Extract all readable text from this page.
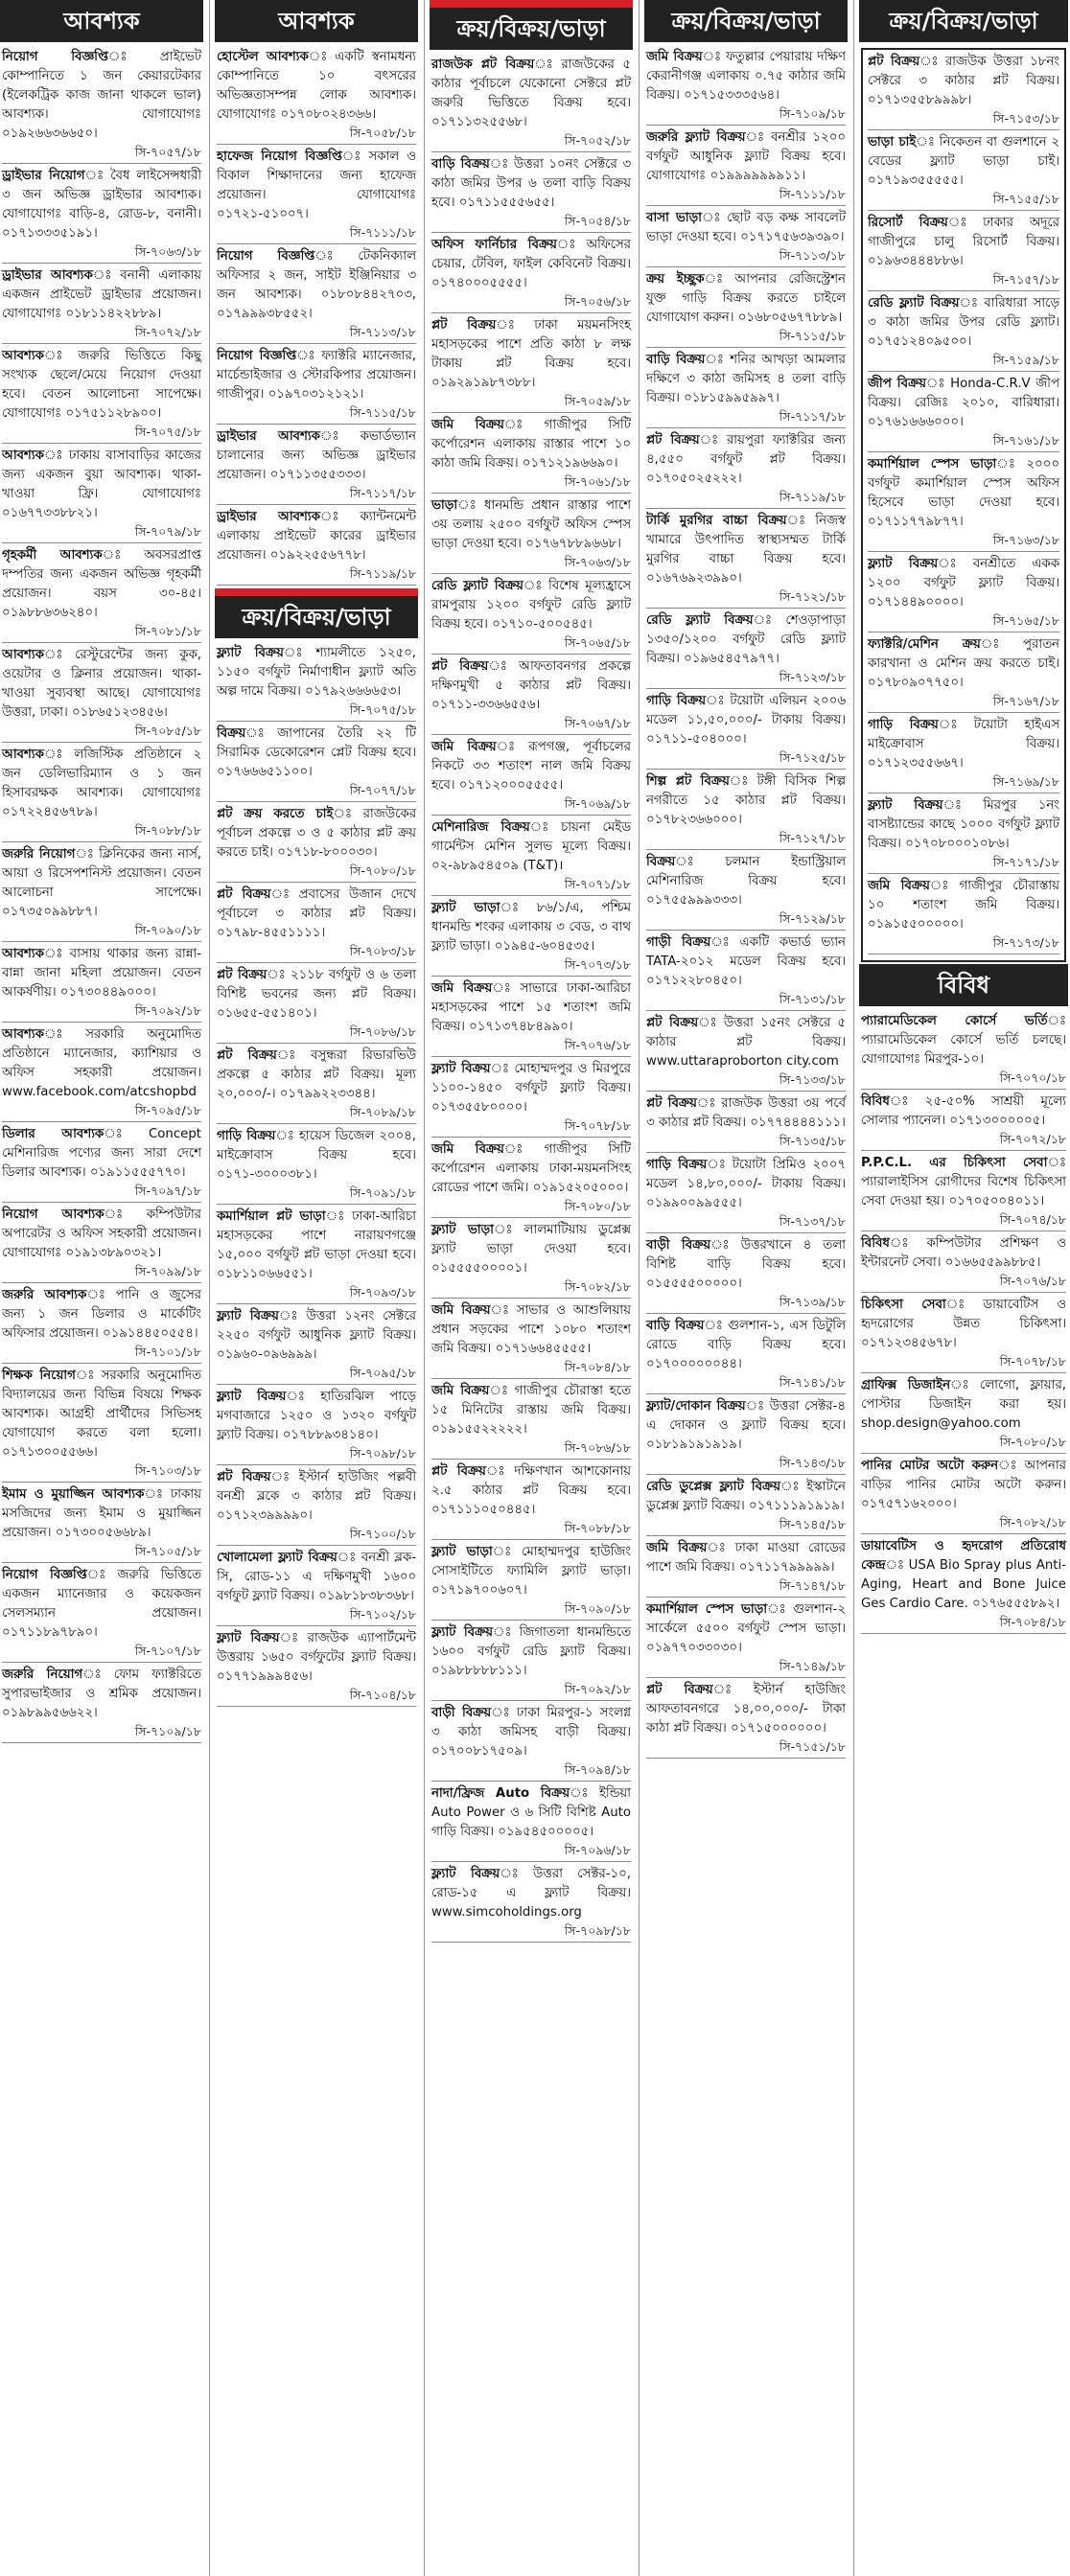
আবশ্যক
নিয়োগ বিজ্ঞপ্তিঃ প্রাইভেট কোম্পানিতে ১ জন কেয়ারটেকার (ইলেকট্রিক কাজ জানা থাকলে ভাল) আবশ্যক। যোগাযোগঃ ০১৯২৬৬৩৬৬৫০।
সি-৭০৫৭/১৮
ড্রাইভার নিয়োগঃ বৈধ লাইসেন্সধারী ৩ জন অভিজ্ঞ ড্রাইভার আবশ্যক। যোগাযোগঃ বাড়ি-৪, রোড-৮, বনানী। ০১৭১৩৩৩৫১৯১।
সি-৭০৬৩/১৮
ড্রাইভার আবশ্যকঃ বনানী এলাকায় একজন প্রাইভেট ড্রাইভার প্রয়োজন। যোগাযোগঃ ০১৮১১৪২২৮৮৯।
সি-৭০৭২/১৮
আবশ্যকঃ জরুরি ভিত্তিতে কিছু সংখ্যক ছেলে/মেয়ে নিয়োগ দেওয়া হবে। বেতন আলোচনা সাপেক্ষে। যোগাযোগঃ ০১৭৫১১২৮৯০০।
সি-৭০৭৫/১৮
আবশ্যকঃ ঢাকায় বাসাবাড়ির কাজের জন্য একজন বুয়া আবশ্যক। থাকা-খাওয়া ফ্রি। যোগাযোগঃ ০১৬৭৭৩৩৮৮২১।
সি-৭০৭৯/১৮
গৃহকর্মী আবশ্যকঃ অবসরপ্রাপ্ত দম্পতির জন্য একজন অভিজ্ঞ গৃহকর্মী প্রয়োজন। বয়স ৩০-৪৫। ০১৯৮৮৬৩৬২৪০।
সি-৭০৮১/১৮
আবশ্যকঃ রেস্টুরেন্টের জন্য কুক, ওয়েটার ও ক্লিনার প্রয়োজন। থাকা-খাওয়া সুব্যবস্থা আছে। যোগাযোগঃ উত্তরা, ঢাকা। ০১৮৬৫১২৩৪৫৬।
সি-৭০৮৫/১৮
আবশ্যকঃ লজিস্টিক প্রতিষ্ঠানে ২ জন ডেলিভারিম্যান ও ১ জন হিসাবরক্ষক আবশ্যক। যোগাযোগঃ ০১৭২২৪৫৬৭৮৯।
সি-৭০৮৮/১৮
জরুরি নিয়োগঃ ক্লিনিকের জন্য নার্স, আয়া ও রিসেপশনিস্ট প্রয়োজন। বেতন আলোচনা সাপেক্ষে। ০১৭৩৫০৯৯৮৮৭।
সি-৭০৯০/১৮
আবশ্যকঃ বাসায় থাকার জন্য রান্না-বান্না জানা মহিলা প্রয়োজন। বেতন আকর্ষণীয়। ০১৭৩০৪৪৯০০০।
সি-৭০৯২/১৮
আবশ্যকঃ সরকারি অনুমোদিত প্রতিষ্ঠানে ম্যানেজার, ক্যাশিয়ার ও অফিস সহকারী প্রয়োজন। www.facebook.com/atcshopbd
সি-৭০৯৫/১৮
ডিলার আবশ্যকঃ Concept মেশিনারিজ পণ্যের জন্য সারা দেশে ডিলার আবশ্যক। ০১৯১১৫৫৫৭৭০।
সি-৭০৯৭/১৮
নিয়োগ আবশ্যকঃ কম্পিউটার অপারেটর ও অফিস সহকারী প্রয়োজন। যোগাযোগঃ ০১৯১৩৮৯০৩২১।
সি-৭০৯৯/১৮
জরুরি আবশ্যকঃ পানি ও জুসের জন্য ১ জন ডিলার ও মার্কেটিং অফিসার প্রয়োজন। ০১৯১৪৪৫০৫৫৪।
সি-৭১০১/১৮
শিক্ষক নিয়োগঃ সরকারি অনুমোদিত বিদ্যালয়ের জন্য বিভিন্ন বিষয়ে শিক্ষক আবশ্যক। আগ্রহী প্রার্থীদের সিভিসহ যোগাযোগ করতে বলা হলো। ০১৭১৩০০৫৫৬৬।
সি-৭১০৩/১৮
ইমাম ও মুয়াজ্জিন আবশ্যকঃ ঢাকায় মসজিদের জন্য ইমাম ও মুয়াজ্জিন প্রয়োজন। ০১৭৩০০৫৬৬৮৯।
সি-৭১০৫/১৮
নিয়োগ বিজ্ঞপ্তিঃ জরুরি ভিত্তিতে একজন ম্যানেজার ও কয়েকজন সেলসম্যান প্রয়োজন। ০১৭১১৮৯৭৮৯০।
সি-৭১০৭/১৮
জরুরি নিয়োগঃ ফোম ফ্যাক্টরিতে সুপারভাইজার ও শ্রমিক প্রয়োজন। ০১৯৮৯৯৫৬৬২২।
সি-৭১০৯/১৮
আবশ্যক
হোস্টেল আবশ্যকঃ একটি স্বনামধন্য কোম্পানিতে ১০ বৎসরের অভিজ্ঞতাসম্পন্ন লোক আবশ্যক। যোগাযোগঃ ০১৭০৮০২৪৩৬৬।
সি-৭০৫৮/১৮
হাফেজ নিয়োগ বিজ্ঞপ্তিঃ সকাল ও বিকাল শিক্ষাদানের জন্য হাফেজ প্রয়োজন। যোগাযোগঃ ০১৭২১-৫১০০৭।
সি-৭১১১/১৮
নিয়োগ বিজ্ঞপ্তিঃ টেকনিক্যাল অফিসার ২ জন, সাইট ইঞ্জিনিয়ার ৩ জন আবশ্যক। ০১৮০৮৪৪২৭০৩, ০১৭৯৯৯৩৮৫৫২।
সি-৭১১৩/১৮
নিয়োগ বিজ্ঞপ্তিঃ ফ্যাক্টরি ম্যানেজার, মার্চেন্ডাইজার ও স্টোরকিপার প্রয়োজন। গাজীপুর। ০১৯৭০৩১২১২১।
সি-৭১১৫/১৮
ড্রাইভার আবশ্যকঃ কভার্ডভ্যান চালানোর জন্য অভিজ্ঞ ড্রাইভার প্রয়োজন। ০১৭১১৩৫৫৩৩৩।
সি-৭১১৭/১৮
ড্রাইভার আবশ্যকঃ ক্যান্টনমেন্ট এলাকায় প্রাইভেট কারের ড্রাইভার প্রয়োজন। ০১৯২২৫৫৬৭৭৮।
সি-৭১১৯/১৮
ক্রয়/বিক্রয়/ভাড়া
ফ্ল্যাট বিক্রয়ঃ শ্যামলীতে ১২৫০, ১১৫০ বর্গফুট নির্মাণাধীন ফ্ল্যাট অতি অল্প দামে বিক্রয়। ০১৭৯২৬৬৬৬৫৩।
সি-৭০৭৫/১৮
বিক্রয়ঃ জাপানের তৈরি ২২ টি সিরামিক ডেকোরেশন প্লেট বিক্রয় হবে। ০১৭৬৬৬৫১১০০।
সি-৭০৭৭/১৮
প্লট ক্রয় করতে চাইঃ রাজউকের পূর্বাচল প্রকল্পে ৩ ও ৫ কাঠার প্লট ক্রয় করতে চাই। ০১৭১৮-৮০০০৩০।
সি-৭০৮০/১৮
প্লট বিক্রয়ঃ প্রবাসের উজান দেখে পূর্বাচলে ৩ কাঠার প্লট বিক্রয়। ০১৭৯৮-৪৫৫১১১১।
সি-৭০৮৩/১৮
প্লট বিক্রয়ঃ ২১১৮ বর্গফুট ও ৬ তলা বিশিষ্ট ভবনের জন্য প্লট বিক্রয়। ০১৬৫৫-৫৫১৪০১।
সি-৭০৮৬/১৮
প্লট বিক্রয়ঃ বসুন্ধরা রিভারভিউ প্রকল্পে ৫ কাঠার প্লট বিক্রয়। মূল্য ২০,০০০/-। ০১৭৯৯২২৩৩৪৪।
সি-৭০৮৯/১৮
গাড়ি বিক্রয়ঃ হায়েস ডিজেল ২০০৪, মাইক্রোবাস বিক্রয় হবে। ০১৭১-৩০০০৩৮১।
সি-৭০৯১/১৮
কমার্শিয়াল প্লট ভাড়াঃ ঢাকা-আরিচা মহাসড়কের পাশে নারায়ণগঞ্জে ১৫,০০০ বর্গফুট প্লট ভাড়া দেওয়া হবে। ০১৮১১০৬৬৫৫১।
সি-৭০৯৩/১৮
ফ্ল্যাট বিক্রয়ঃ উত্তরা ১২নং সেক্টরে ২২৫০ বর্গফুট আধুনিক ফ্ল্যাট বিক্রয়। ০১৯৬০-০৯৬৯৯৯।
সি-৭০৯৫/১৮
ফ্ল্যাট বিক্রয়ঃ হাতিরঝিল পাড়ে মগবাজারে ১২৫০ ও ১৩২০ বর্গফুট ফ্ল্যাট বিক্রয়। ০১৭৮৮৯৩৪১৪০।
সি-৭০৯৮/১৮
প্লট বিক্রয়ঃ ইস্টার্ন হাউজিং পল্লবী বনশ্রী ব্লকে ৩ কাঠার প্লট বিক্রয়। ০১৭১২৩৯৯৯৯০।
সি-৭১০০/১৮
খোলামেলা ফ্ল্যাট বিক্রয়ঃ বনশ্রী ব্লক-সি, রোড-১১ এ দক্ষিণমুখী ১৬০০ বর্গফুট ফ্ল্যাট বিক্রয়। ০১৯৮১৮৩৮৩৬৮।
সি-৭১০২/১৮
ফ্ল্যাট বিক্রয়ঃ রাজউক এ্যাপার্টমেন্ট উত্তরায় ১৬৫০ বর্গফুটের ফ্ল্যাট বিক্রয়। ০১৭৭১৯৯৯৪৫৬।
সি-৭১০৪/১৮
ক্রয়/বিক্রয়/ভাড়া
রাজউক প্লট বিক্রয়ঃ রাজউকের ৫ কাঠার পূর্বাচলে যেকোনো সেক্টরে প্লট জরুরি ভিত্তিতে বিক্রয় হবে। ০১৭১১৩২৫৫৬৮।
সি-৭০৫২/১৮
বাড়ি বিক্রয়ঃ উত্তরা ১০নং সেক্টরে ৩ কাঠা জমির উপর ৬ তলা বাড়ি বিক্রয় হবে। ০১৭১১৫৫৫৬৫৫।
সি-৭০৫৪/১৮
অফিস ফার্নিচার বিক্রয়ঃ অফিসের চেয়ার, টেবিল, ফাইল কেবিনেট বিক্রয়। ০১৭৪০০০৫৫৫৫।
সি-৭০৫৬/১৮
প্লট বিক্রয়ঃ ঢাকা ময়মনসিংহ মহাসড়কের পাশে প্রতি কাঠা ৮ লক্ষ টাকায় প্লট বিক্রয় হবে। ০১৯২৯১৯৮৭৩৮৮।
সি-৭০৫৯/১৮
জমি বিক্রয়ঃ গাজীপুর সিটি কর্পোরেশন এলাকায় রাস্তার পাশে ১০ কাঠা জমি বিক্রয়। ০১৭১২১৯৬৬৯০।
সি-৭০৬১/১৮
ভাড়াঃ ধানমন্ডি প্রধান রাস্তার পাশে ৩য় তলায় ২৫০০ বর্গফুট অফিস স্পেস ভাড়া দেওয়া হবে। ০১৭৬৭৮৮৯৬৬৮।
সি-৭০৬৩/১৮
রেডি ফ্ল্যাট বিক্রয়ঃ বিশেষ মূল্যহ্রাসে রামপুরায় ১২০০ বর্গফুট রেডি ফ্ল্যাট বিক্রয় হবে। ০১৭১০-৫০০৫৪৫।
সি-৭০৬৫/১৮
প্লট বিক্রয়ঃ আফতাবনগর প্রকল্পে দক্ষিণমুখী ৫ কাঠার প্লট বিক্রয়। ০১৭১১-৩৩৬৬৫৫৬।
সি-৭০৬৭/১৮
জমি বিক্রয়ঃ রূপগঞ্জ, পূর্বাচলের নিকটে ৩৩ শতাংশ নাল জমি বিক্রয় হবে। ০১৭১২০০০৫৫৫৫।
সি-৭০৬৯/১৮
মেশিনারিজ বিক্রয়ঃ চায়না মেইড গার্মেন্টস মেশিন সুলভ মূল্যে বিক্রয়। ০২-৯৮৯৫৪৫০৯ (T&T)।
সি-৭০৭১/১৮
ফ্ল্যাট ভাড়াঃ ৮৬/১/এ, পশ্চিম ধানমন্ডি শংকর এলাকায় ৩ বেড, ৩ বাথ ফ্ল্যাট ভাড়া। ০১৯৪৫-৬০৪৫৩৫।
সি-৭০৭৩/১৮
জমি বিক্রয়ঃ সাভারে ঢাকা-আরিচা মহাসড়কের পাশে ১৫ শতাংশ জমি বিক্রয়। ০১৭১৩৭৪৮৪৯৯০।
সি-৭০৭৬/১৮
ফ্ল্যাট বিক্রয়ঃ মোহাম্মদপুর ও মিরপুরে ১১০০-১৪৫০ বর্গফুট ফ্ল্যাট বিক্রয়। ০১৭৩৫৫৮০০০০।
সি-৭০৭৮/১৮
জমি বিক্রয়ঃ গাজীপুর সিটি কর্পোরেশন এলাকায় ঢাকা-ময়মনসিংহ রোডের পাশে জমি। ০১৯১৫২০৫০০০।
সি-৭০৮০/১৮
ফ্ল্যাট ভাড়াঃ লালমাটিয়ায় ডুপ্লেক্স ফ্ল্যাট ভাড়া দেওয়া হবে। ০১৫৫৫৫০০০০১।
সি-৭০৮২/১৮
জমি বিক্রয়ঃ সাভার ও আশুলিয়ায় প্রধান সড়কের পাশে ১০৮০ শতাংশ জমি বিক্রয়। ০১৭১৬৬৪৫৫৫৫।
সি-৭০৮৪/১৮
জমি বিক্রয়ঃ গাজীপুর চৌরাস্তা হতে ১৫ মিনিটের রাস্তায় জমি বিক্রয়। ০১৯১৫৫২২২২২।
সি-৭০৮৬/১৮
প্লট বিক্রয়ঃ দক্ষিণখান আশকোনায় ২.৫ কাঠার প্লট বিক্রয় হবে। ০১৭১১১০৫০৪৪৫।
সি-৭০৮৮/১৮
ফ্ল্যাট ভাড়াঃ মোহাম্মদপুর হাউজিং সোসাইটিতে ফ্যামিলি ফ্ল্যাট ভাড়া। ০১৭১৯৭০০৬০৭।
সি-৭০৯০/১৮
ফ্ল্যাট বিক্রয়ঃ জিগাতলা ধানমন্ডিতে ১৬০০ বর্গফুট রেডি ফ্ল্যাট বিক্রয়। ০১৯৮৮৮৮৮১১১।
সি-৭০৯২/১৮
বাড়ী বিক্রয়ঃ ঢাকা মিরপুর-১ সংলগ্ন ৩ কাঠা জমিসহ বাড়ী বিক্রয়। ০১৭০০৮১৭৫০৯।
সি-৭০৯৪/১৮
নাদা/ফ্রিজ Auto বিক্রয়ঃ ইন্ডিয়া Auto Power ও ৬ সিটি বিশিষ্ট Auto গাড়ি বিক্রয়। ০১৯৫৪৫০০০০৫।
সি-৭০৯৬/১৮
ফ্ল্যাট বিক্রয়ঃ উত্তরা সেক্টর-১০, রোড-১৫ এ ফ্ল্যাট বিক্রয়। www.simcoholdings.org
সি-৭০৯৮/১৮
ক্রয়/বিক্রয়/ভাড়া
জমি বিক্রয়ঃ ফতুল্লার পেয়ারায় দক্ষিণ কেরানীগঞ্জ এলাকায় ০.৭৫ কাঠার জমি বিক্রয়। ০১৭১৫৩৩৩৫৬৪।
সি-৭১০৯/১৮
জরুরি ফ্ল্যাট বিক্রয়ঃ বনশ্রীর ১২০০ বর্গফুট আধুনিক ফ্ল্যাট বিক্রয় হবে। যোগাযোগঃ ০১৯৯৯৯৯৯৯১১।
সি-৭১১১/১৮
বাসা ভাড়াঃ ছোট বড় কক্ষ সাবলেট ভাড়া দেওয়া হবে। ০১৭১৭৫৬৩৯৩৯০।
সি-৭১১৩/১৮
ক্রয় ইচ্ছুকঃ আপনার রেজিস্ট্রেশন যুক্ত গাড়ি বিক্রয় করতে চাইলে যোগাযোগ করুন। ০১৬৮০৫৬৭৭৮৮৯।
সি-৭১১৫/১৮
বাড়ি বিক্রয়ঃ শনির আখড়া আমলার দক্ষিণে ৩ কাঠা জমিসহ ৪ তলা বাড়ি বিক্রয়। ০১৮১৫৯৯৫৯৯৭।
সি-৭১১৭/১৮
প্লট বিক্রয়ঃ রায়পুরা ফ্যাক্টরির জন্য ৪,৫৫০ বর্গফুট প্লট বিক্রয়। ০১৭০৫০২৫২২২।
সি-৭১১৯/১৮
টার্কি মুরগির বাচ্চা বিক্রয়ঃ নিজস্ব খামারে উৎপাদিত স্বাস্থ্যসম্মত টার্কি মুরগির বাচ্চা বিক্রয় হবে। ০১৬৭৬৯২৩৯৯০।
সি-৭১২১/১৮
রেডি ফ্ল্যাট বিক্রয়ঃ শেওড়াপাড়া ১৩৫০/১২০০ বর্গফুট রেডি ফ্ল্যাট বিক্রয়। ০১৯৬৫৪৫৭৯৭৭।
সি-৭১২৩/১৮
গাড়ি বিক্রয়ঃ টয়োটা এলিয়ন ২০০৬ মডেল ১১,৫০,০০০/- টাকায় বিক্রয়। ০১৭১১-৫০৪০০০।
সি-৭১২৫/১৮
শিল্প প্লট বিক্রয়ঃ টঙ্গী বিসিক শিল্প নগরীতে ১৫ কাঠার প্লট বিক্রয়। ০১৭৮২৩৬৬০০০।
সি-৭১২৭/১৮
বিক্রয়ঃ চলমান ইন্ডাস্ট্রিয়াল মেশিনারিজ বিক্রয় হবে। ০১৭৫৫৯৯৯৩৩৩।
সি-৭১২৯/১৮
গাড়ী বিক্রয়ঃ একটি কভার্ড ভ্যান TATA-২০১২ মডেল বিক্রয় হবে। ০১৭১২২৮০৪৫০।
সি-৭১৩১/১৮
প্লট বিক্রয়ঃ উত্তরা ১৫নং সেক্টরে ৫ কাঠার প্লট বিক্রয়। www.uttaraproborton city.com
সি-৭১৩৩/১৮
প্লট বিক্রয়ঃ রাজউক উত্তরা ৩য় পর্বে ৩ কাঠার প্লট বিক্রয়। ০১৭৭৪৪৪৪১১১।
সি-৭১৩৫/১৮
গাড়ি বিক্রয়ঃ টয়োটা প্রিমিও ২০০৭ মডেল ১৪,৮০,০০০/- টাকায় বিক্রয়। ০১৯৯০০৯৯৫৫৫।
সি-৭১৩৭/১৮
বাড়ী বিক্রয়ঃ উত্তরখানে ৪ তলা বিশিষ্ট বাড়ি বিক্রয় হবে। ০১৫৫৫৫০০০০০।
সি-৭১৩৯/১৮
বাড়ি বিক্রয়ঃ গুলশান-১, এস ডিটুলি রোডে বাড়ি বিক্রয় হবে। ০১৭০০০০০০৪৪।
সি-৭১৪১/১৮
ফ্ল্যাট/দোকান বিক্রয়ঃ উত্তরা সেক্টর-৪ এ দোকান ও ফ্ল্যাট বিক্রয় হবে। ০১৮১৯১৯১৯১৯।
সি-৭১৪৩/১৮
রেডি ডুপ্লেক্স ফ্ল্যাট বিক্রয়ঃ ইস্কাটনে ডুপ্লেক্স ফ্ল্যাট বিক্রয়। ০১৭১১১৯১৯১৯।
সি-৭১৪৫/১৮
জমি বিক্রয়ঃ ঢাকা মাওয়া রোডের পাশে জমি বিক্রয়। ০১৭১১৭৯৯৯৯৯।
সি-৭১৪৭/১৮
কমার্শিয়াল স্পেস ভাড়াঃ গুলশান-২ সার্কেলে ৫৫০০ বর্গফুট স্পেস ভাড়া। ০১৯৭৭০৩৩০৩০।
সি-৭১৪৯/১৮
প্লট বিক্রয়ঃ ইস্টার্ন হাউজিং আফতাবনগরে ১৪,০০,০০০/- টাকা কাঠা প্লট বিক্রয়। ০১৭১৫০০০০০০।
সি-৭১৫১/১৮
ক্রয়/বিক্রয়/ভাড়া
প্লট বিক্রয়ঃ রাজউক উত্তরা ১৮নং সেক্টরে ৩ কাঠার প্লট বিক্রয়। ০১৭১৩৫৫৮৯৯৯৮।
সি-৭১৫৩/১৮
ভাড়া চাইঃ নিকেতন বা গুলশানে ২ বেডের ফ্ল্যাট ভাড়া চাই। ০১৭১৯৩৫৫৫৫৫।
সি-৭১৫৫/১৮
রিসোর্ট বিক্রয়ঃ ঢাকার অদূরে গাজীপুরে চালু রিসোর্ট বিক্রয়। ০১৯৬৩৪৪৪৮৮৬।
সি-৭১৫৭/১৮
রেডি ফ্ল্যাট বিক্রয়ঃ বারিধারা সাড়ে ৩ কাঠা জমির উপর রেডি ফ্ল্যাট। ০১৭৫১২৪০৯৫০০।
সি-৭১৫৯/১৮
জীপ বিক্রয়ঃ Honda-C.R.V জীপ বিক্রয়। রেজিঃ ২০১০, বারিধারা। ০১৭৬১৬৬৬০০০।
সি-৭১৬১/১৮
কমার্শিয়াল স্পেস ভাড়াঃ ২০০০ বর্গফুট কমার্শিয়াল স্পেস অফিস হিসেবে ভাড়া দেওয়া হবে। ০১৭১১৭৭৯৮৭৭।
সি-৭১৬৩/১৮
ফ্ল্যাট বিক্রয়ঃ বনশ্রীতে একক ১২০০ বর্গফুট ফ্ল্যাট বিক্রয়। ০১৭১৪৪৯০০০০।
সি-৭১৬৫/১৮
ফ্যাক্টরি/মেশিন ক্রয়ঃ পুরাতন কারখানা ও মেশিন ক্রয় করতে চাই। ০১৭৮০৯০৭৭৫০।
সি-৭১৬৭/১৮
গাড়ি বিক্রয়ঃ টয়োটা হাইএস মাইক্রোবাস বিক্রয়। ০১৭১২৩৫৫৬৬৭।
সি-৭১৬৯/১৮
ফ্ল্যাট বিক্রয়ঃ মিরপুর ১নং বাসষ্ট্যান্ডের কাছে ১০০০ বর্গফুট ফ্ল্যাট বিক্রয়। ০১৭০৮০০০১০৮৬।
সি-৭১৭১/১৮
জমি বিক্রয়ঃ গাজীপুর চৌরাস্তায় ১০ শতাংশ জমি বিক্রয়। ০১৯১৫৫০০০০০।
সি-৭১৭৩/১৮
বিবিধ
প্যারামেডিকেল কোর্সে ভর্তিঃ প্যারামেডিকেল কোর্সে ভর্তি চলছে। যোগাযোগঃ মিরপুর-১০।
সি-৭০৭০/১৮
বিবিধঃ ২৫-৫০% সাশ্রয়ী মূল্যে সোলার প্যানেল। ০১৭১৩০০০০০৫।
সি-৭০৭২/১৮
P.P.C.L. এর চিকিৎসা সেবাঃ প্যারালাইসিস রোগীদের বিশেষ চিকিৎসা সেবা দেওয়া হয়। ০১৭০৫০০৪০১১।
সি-৭০৭৪/১৮
বিবিধঃ কম্পিউটার প্রশিক্ষণ ও ইন্টারনেট সেবা। ০১৬৬৫৫৯৯৮৮৫।
সি-৭০৭৬/১৮
চিকিৎসা সেবাঃ ডায়াবেটিস ও হৃদরোগের উন্নত চিকিৎসা। ০১৭১২৩৪৫৬৭৮।
সি-৭০৭৮/১৮
গ্রাফিক্স ডিজাইনঃ লোগো, ফ্লায়ার, পোস্টার ডিজাইন করা হয়। shop.design@yahoo.com
সি-৭০৮০/১৮
পানির মোটর অটো করুনঃ আপনার বাড়ির পানির মোটর অটো করুন। ০১৭৫৭১৬২০০০।
সি-৭০৮২/১৮
ডায়াবেটিস ও হৃদরোগ প্রতিরোধ কেন্দ্রঃ USA Bio Spray plus Anti-Aging, Heart and Bone Juice Ges Cardio Care. ০১৭৬৫৫৫৮৯২।
সি-৭০৮৪/১৮
